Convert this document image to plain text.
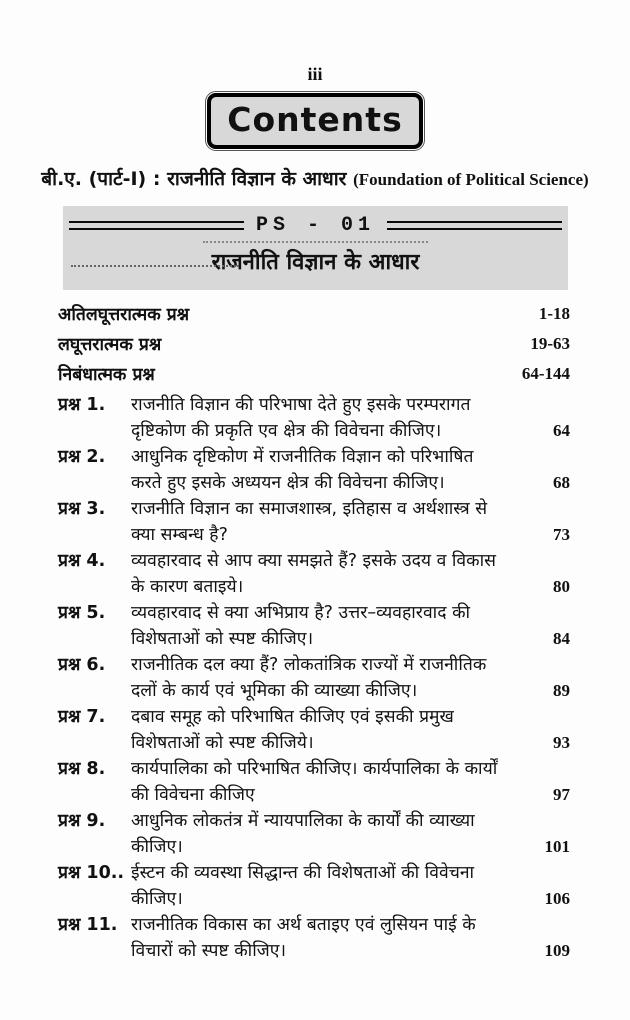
iii
Contents
बी.ए. (पार्ट-I) : राजनीति विज्ञान के आधार (Foundation of Political Science)
PS - 01
राजनीति विज्ञान के आधार
अतिलघूत्तरात्मक प्रश्न	1-18
लघूत्तरात्मक प्रश्न	19-63
निबंधात्मक प्रश्न	64-144
प्रश्न 1.	राजनीति विज्ञान की परिभाषा देते हुए इसके परम्परागत
दृष्टिकोण की प्रकृति एव क्षेत्र की विवेचना कीजिए।	64
प्रश्न 2.	आधुनिक दृष्टिकोण में राजनीतिक विज्ञान को परिभाषित
करते हुए इसके अध्ययन क्षेत्र की विवेचना कीजिए।	68
प्रश्न 3.	राजनीति विज्ञान का समाजशास्त्र, इतिहास व अर्थशास्त्र से
क्या सम्बन्ध है?	73
प्रश्न 4.	व्यवहारवाद से आप क्या समझते हैं? इसके उदय व विकास
के कारण बताइये।	80
प्रश्न 5.	व्यवहारवाद से क्या अभिप्राय है? उत्तर–व्यवहारवाद की
विशेषताओं को स्पष्ट कीजिए।	84
प्रश्न 6.	राजनीतिक दल क्या हैं? लोकतांत्रिक राज्यों में राजनीतिक
दलों के कार्य एवं भूमिका की व्याख्या कीजिए।	89
प्रश्न 7.	दबाव समूह को परिभाषित कीजिए एवं इसकी प्रमुख
विशेषताओं को स्पष्ट कीजिये।	93
प्रश्न 8.	कार्यपालिका को परिभाषित कीजिए। कार्यपालिका के कार्यों
की विवेचना कीजिए	97
प्रश्न 9.	आधुनिक लोकतंत्र में न्यायपालिका के कार्यों की व्याख्या
कीजिए।	101
प्रश्न 10.. ईस्टन की व्यवस्था सिद्धान्त की विशेषताओं की विवेचना
कीजिए।	106
प्रश्न 11. राजनीतिक विकास का अर्थ बताइए एवं लुसियन पाई के
विचारों को स्पष्ट कीजिए।	109
